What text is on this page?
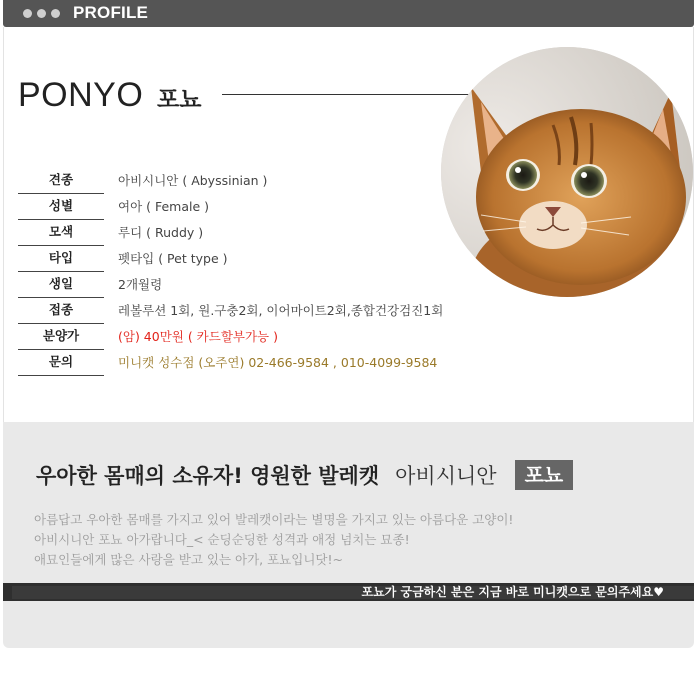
PROFILE
PONYO 포뇨
견종	아비시니안 ( Abyssinian )
성별	여아 ( Female )
모색	루디 ( Ruddy )
타입	펫타입 ( Pet type )
생일	2개월령
접종	레볼루션 1회, 원.구충2회, 이어마이트2회,종합건강검진1회
분양가	(암) 40만원 ( 카드할부가능 )
문의	미니캣 성수점 (오주연) 02-466-9584 , 010-4099-9584
우아한 몸매의 소유자! 영원한 발레캣 아비시니안 포뇨
아름답고 우아한 몸매를 가지고 있어 발레캣이라는 별명을 가지고 있는 아름다운 고양이!
아비시니안 포뇨 아가랍니다_< 순딩순딩한 성격과 애정 넘치는 묘종!
애묘인들에게 많은 사랑을 받고 있는 아가, 포뇨입니닷!~
포뇨가 궁금하신 분은 지금 바로 미니캣으로 문의주세요♥
